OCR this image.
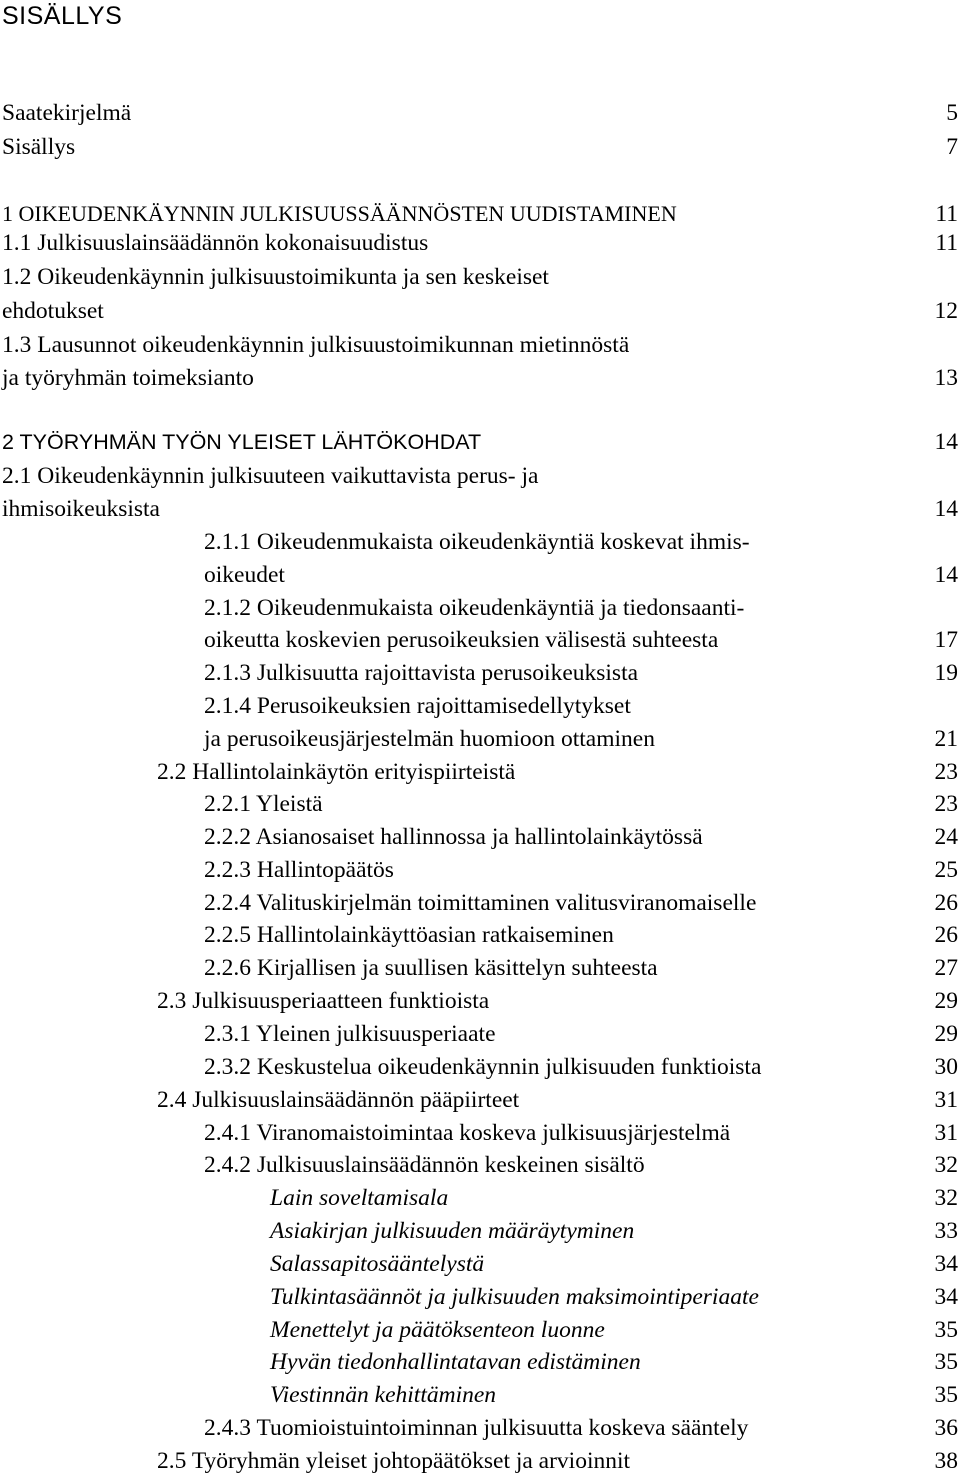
SISÄLLYS
Saatekirjelmä	5
Sisällys	7
1 OIKEUDENKÄYNNIN JULKISUUSSÄÄNNÖSTEN UUDISTAMINEN	11
1.1 Julkisuuslainsäädännön kokonaisuudistus	11
1.2 Oikeudenkäynnin julkisuustoimikunta ja sen keskeiset
ehdotukset	12
1.3 Lausunnot oikeudenkäynnin julkisuustoimikunnan mietinnöstä
ja työryhmän toimeksianto	13
2 TYÖRYHMÄN TYÖN YLEISET LÄHTÖKOHDAT	14
2.1 Oikeudenkäynnin julkisuuteen vaikuttavista perus- ja
ihmisoikeuksista	14
2.1.1 Oikeudenmukaista oikeudenkäyntiä koskevat ihmis-
oikeudet	14
2.1.2 Oikeudenmukaista oikeudenkäyntiä ja tiedonsaanti-
oikeutta koskevien perusoikeuksien välisestä suhteesta	17
2.1.3 Julkisuutta rajoittavista perusoikeuksista	19
2.1.4 Perusoikeuksien rajoittamisedellytykset
ja perusoikeusjärjestelmän huomioon ottaminen	21
2.2 Hallintolainkäytön erityispiirteistä	23
2.2.1 Yleistä	23
2.2.2 Asianosaiset hallinnossa ja hallintolainkäytössä	24
2.2.3 Hallintopäätös	25
2.2.4 Valituskirjelmän toimittaminen valitusviranomaiselle	26
2.2.5 Hallintolainkäyttöasian ratkaiseminen	26
2.2.6 Kirjallisen ja suullisen käsittelyn suhteesta	27
2.3 Julkisuusperiaatteen funktioista	29
2.3.1 Yleinen julkisuusperiaate	29
2.3.2 Keskustelua oikeudenkäynnin julkisuuden funktioista	30
2.4 Julkisuuslainsäädännön pääpiirteet	31
2.4.1 Viranomaistoimintaa koskeva julkisuusjärjestelmä	31
2.4.2 Julkisuuslainsäädännön keskeinen sisältö	32
Lain soveltamisala	32
Asiakirjan julkisuuden määräytyminen	33
Salassapitosääntelystä	34
Tulkintasäännöt ja julkisuuden maksimointiperiaate	34
Menettelyt ja päätöksenteon luonne	35
Hyvän tiedonhallintatavan edistäminen	35
Viestinnän kehittäminen	35
2.4.3 Tuomioistuintoiminnan julkisuutta koskeva sääntely	36
2.5 Työryhmän yleiset johtopäätökset ja arvioinnit	38
